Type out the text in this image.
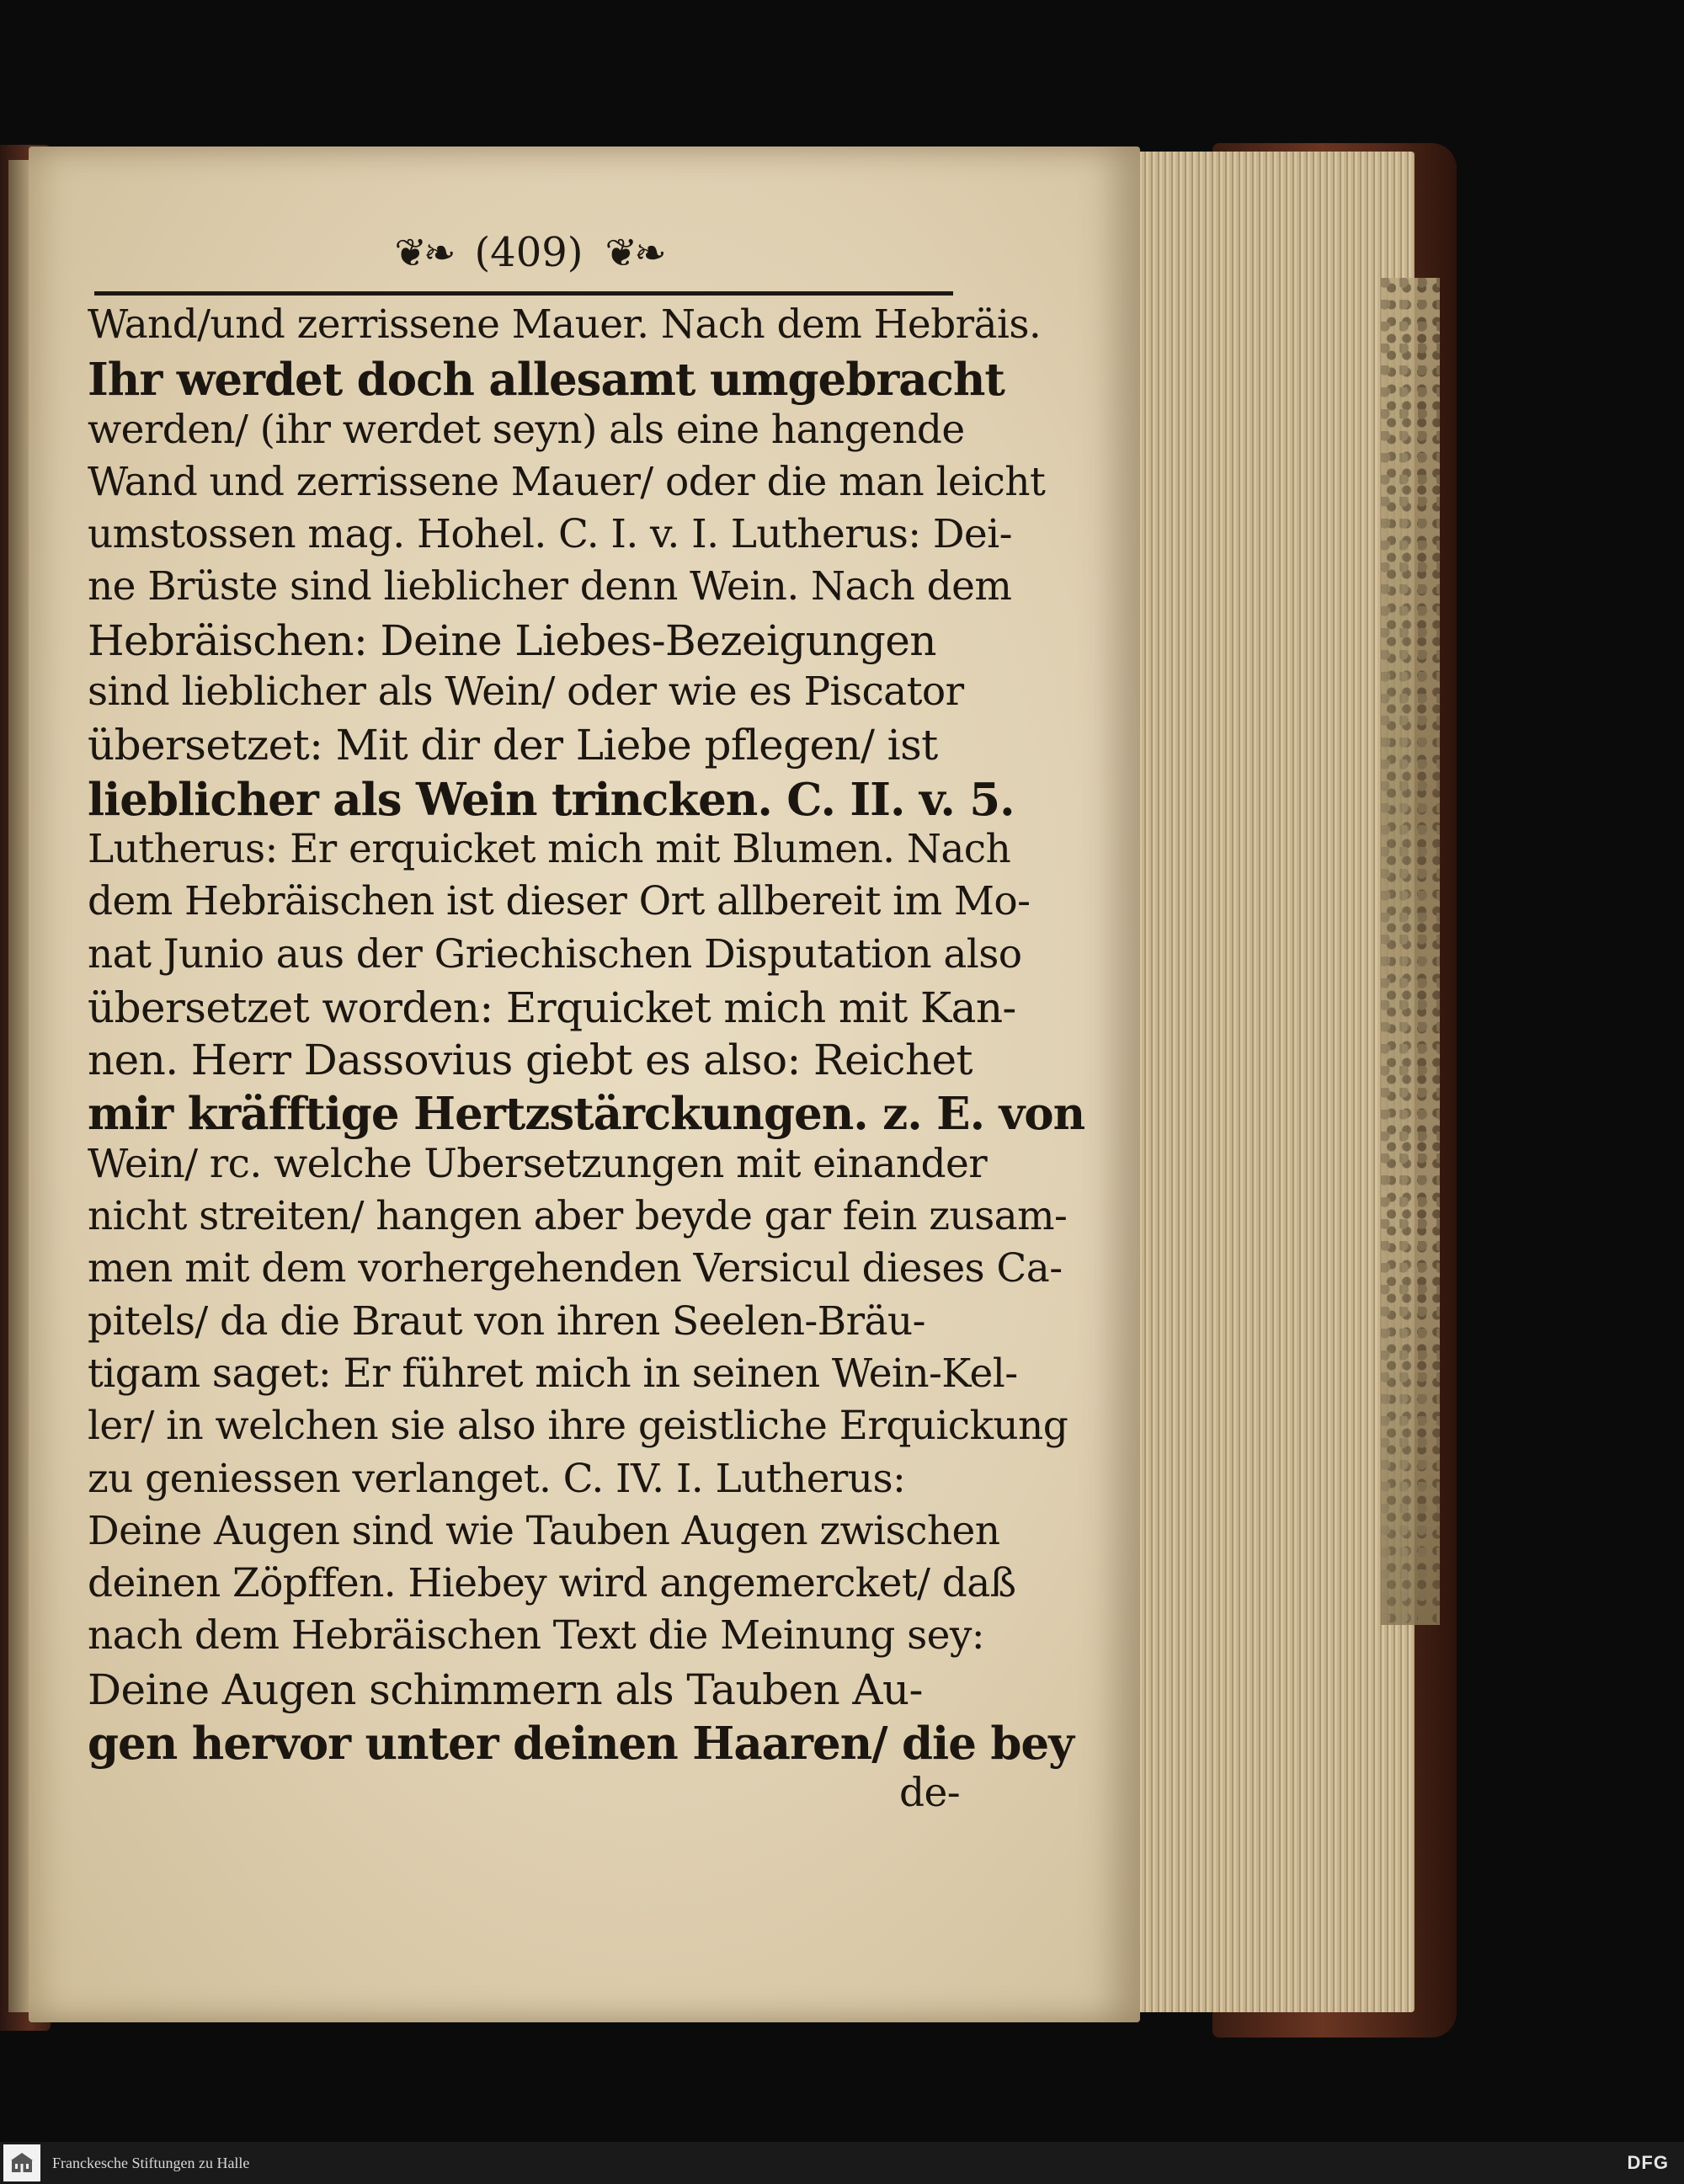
❦❧ (409) ❦❧
Wand/und zerrissene Mauer. Nach dem Hebräis.
Ihr werdet doch allesamt umgebracht
werden/ (ihr werdet seyn) als eine hangende
Wand und zerrissene Mauer/ oder die man leicht
umstossen mag. Hohel. C. I. v. I. Lutherus: Dei-
ne Brüste sind lieblicher denn Wein. Nach dem
Hebräischen: Deine Liebes-Bezeigungen
sind lieblicher als Wein/ oder wie es Piscator
übersetzet: Mit dir der Liebe pflegen/ ist
lieblicher als Wein trincken. C. II. v. 5.
Lutherus: Er erquicket mich mit Blumen. Nach
dem Hebräischen ist dieser Ort allbereit im Mo-
nat Junio aus der Griechischen Disputation also
übersetzet worden: Erquicket mich mit Kan-
nen. Herr Dassovius giebt es also: Reichet
mir kräfftige Hertzstärckungen. z. E. von
Wein/ rc. welche Ubersetzungen mit einander
nicht streiten/ hangen aber beyde gar fein zusam-
men mit dem vorhergehenden Versicul dieses Ca-
pitels/ da die Braut von ihren Seelen-Bräu-
tigam saget: Er führet mich in seinen Wein-Kel-
ler/ in welchen sie also ihre geistliche Erquickung
zu geniessen verlanget. C. IV. I. Lutherus:
Deine Augen sind wie Tauben Augen zwischen
deinen Zöpffen. Hiebey wird angemercket/ daß
nach dem Hebräischen Text die Meinung sey:
Deine Augen schimmern als Tauben Au-
gen hervor unter deinen Haaren/ die bey
de-
Franckesche Stiftungen zu Halle	DFG
